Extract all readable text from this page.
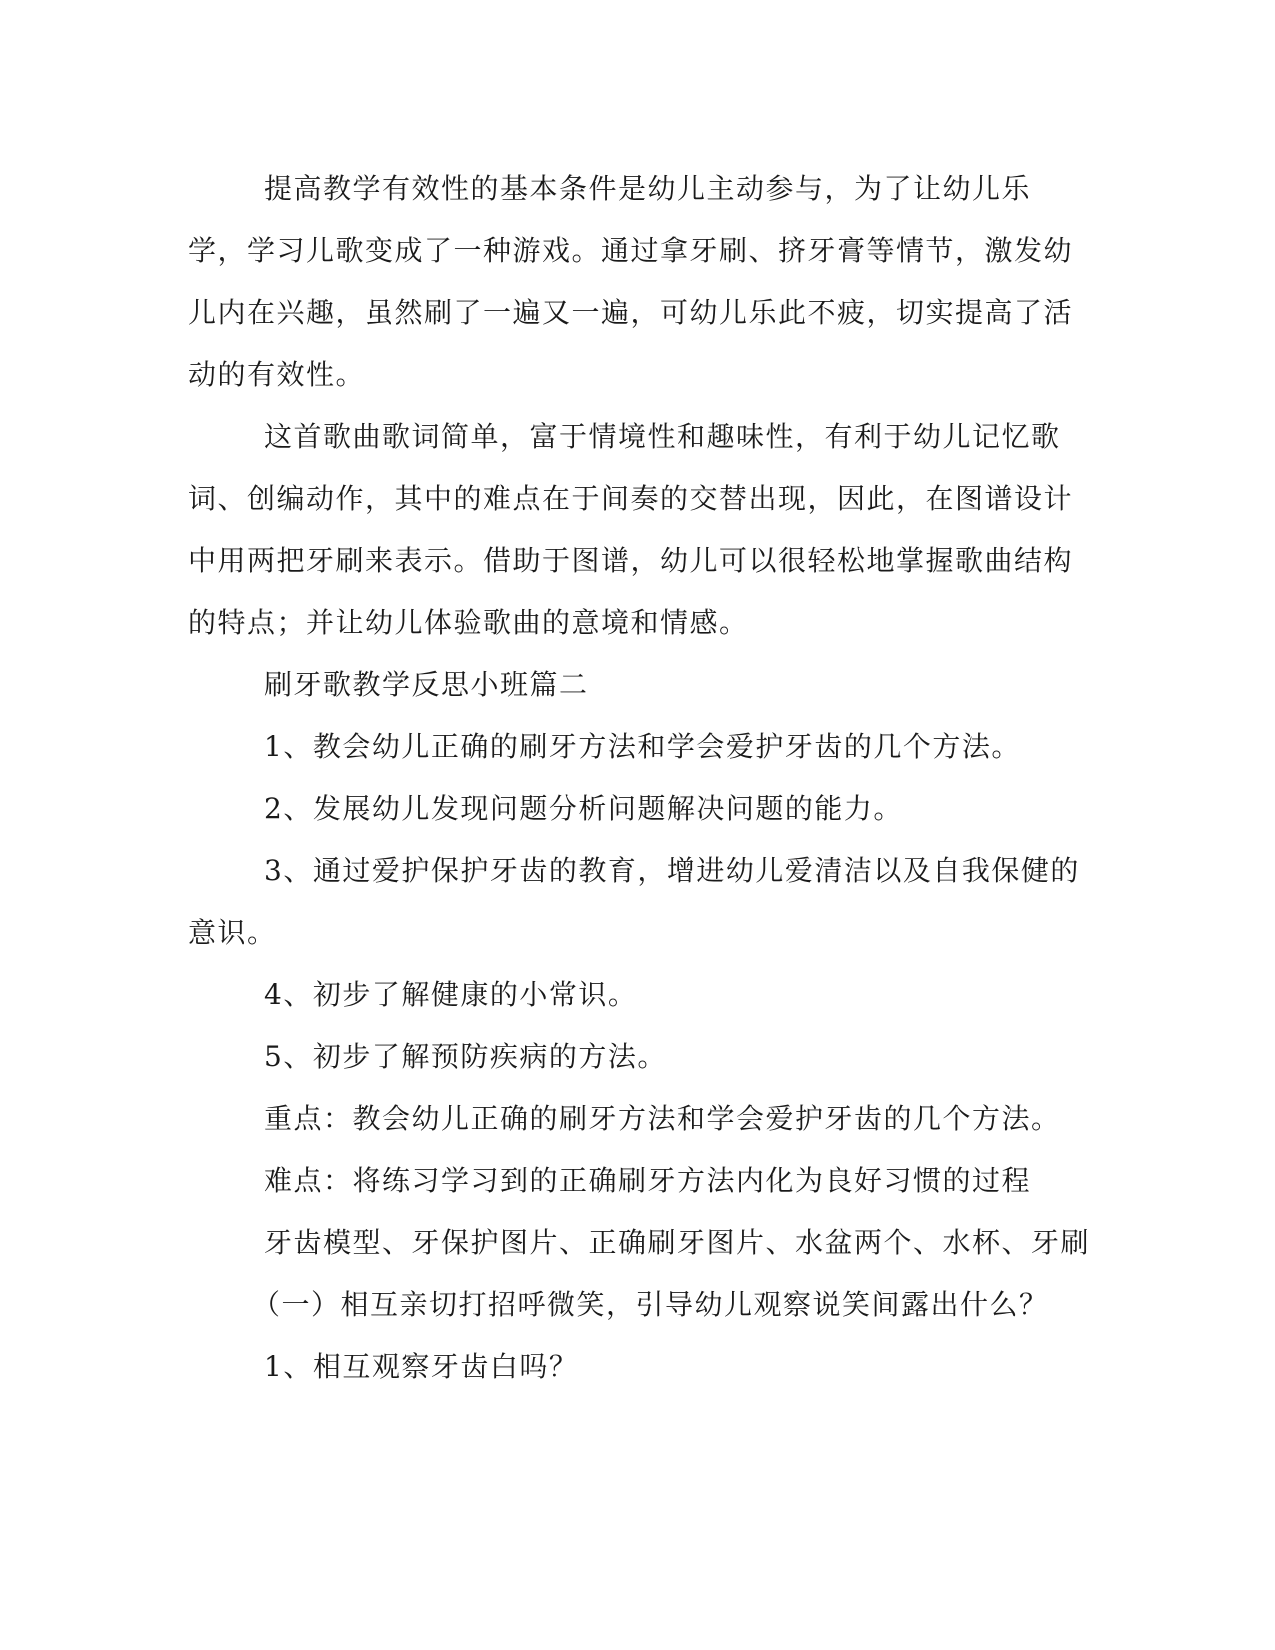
提高教学有效性的基本条件是幼儿主动参与，为了让幼儿乐学，学习儿歌变成了一种游戏。通过拿牙刷、挤牙膏等情节，激发幼儿内在兴趣，虽然刷了一遍又一遍，可幼儿乐此不疲，切实提高了活动的有效性。

这首歌曲歌词简单，富于情境性和趣味性，有利于幼儿记忆歌词、创编动作，其中的难点在于间奏的交替出现，因此，在图谱设计中用两把牙刷来表示。借助于图谱，幼儿可以很轻松地掌握歌曲结构的特点；并让幼儿体验歌曲的意境和情感。

刷牙歌教学反思小班篇二

1、教会幼儿正确的刷牙方法和学会爱护牙齿的几个方法。

2、发展幼儿发现问题分析问题解决问题的能力。

3、通过爱护保护牙齿的教育，增进幼儿爱清洁以及自我保健的意识。

4、初步了解健康的小常识。

5、初步了解预防疾病的方法。

重点：教会幼儿正确的刷牙方法和学会爱护牙齿的几个方法。

难点：将练习学习到的正确刷牙方法内化为良好习惯的过程

牙齿模型、牙保护图片、正确刷牙图片、水盆两个、水杯、牙刷

（一）相互亲切打招呼微笑，引导幼儿观察说笑间露出什么？

1、相互观察牙齿白吗？
